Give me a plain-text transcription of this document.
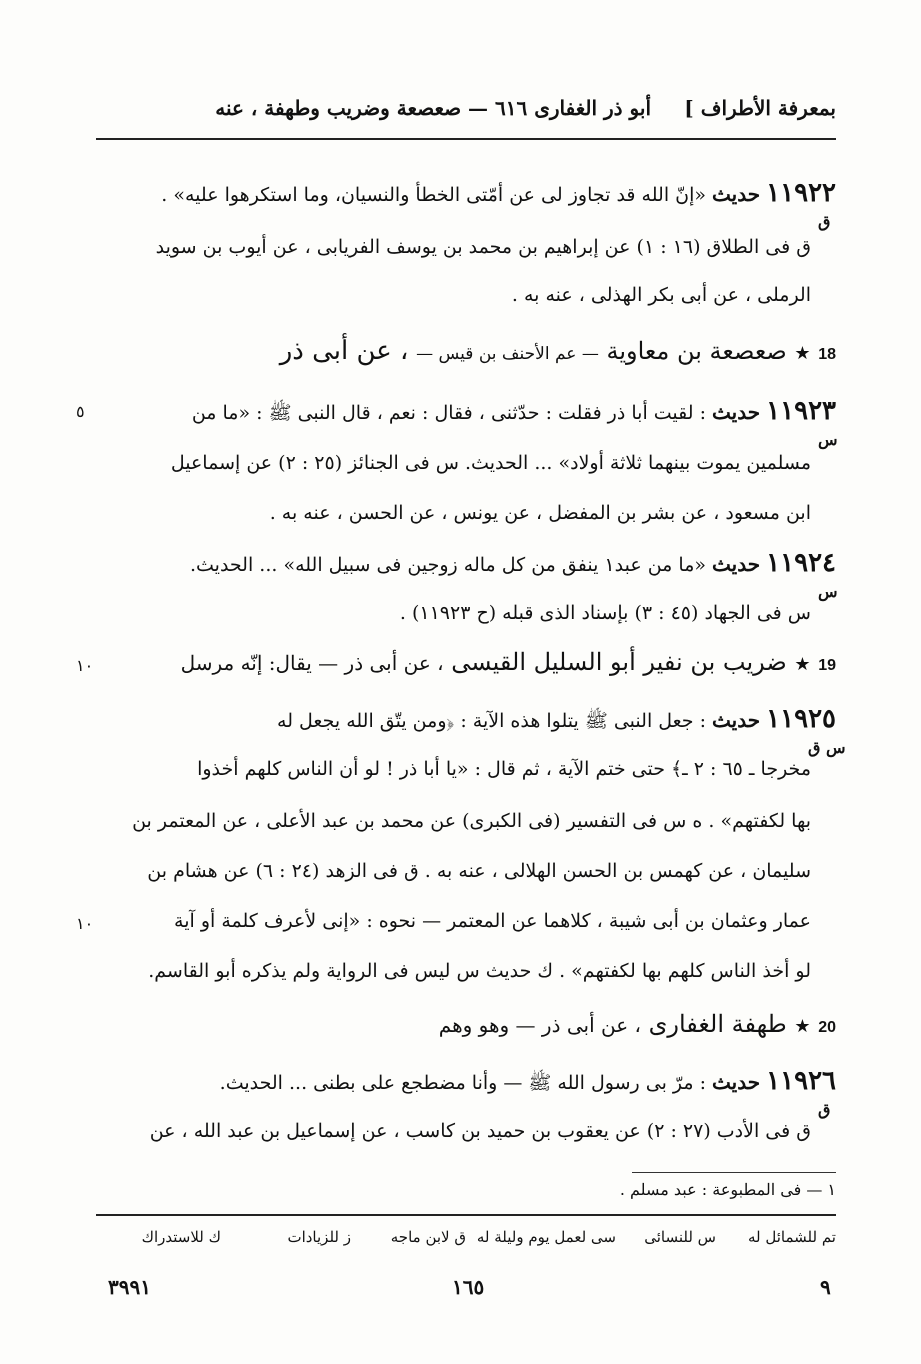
بمعرفة الأطراف ]
أبو ذر الغفارى ٦١٦ — صعصعة وضريب وطهفة ، عنه
١١٩٢٢ حديث «إنّ الله قد تجاوز لى عن أمّتى الخطأ والنسيان، وما استكرهوا عليه» .
ق
ق فى الطلاق (١٦ : ١) عن إبراهيم بن محمد بن يوسف الفريابى ، عن أيوب بن سويد
الرملى ، عن أبى بكر الهذلى ، عنه به .
18 ★ صعصعة بن معاوية — عم الأحنف بن قيس — ، عن أبى ذر
١١٩٢٣ حديث : لقيت أبا ذر فقلت : حدّثنى ، فقال : نعم ، قال النبى ﷺ : «ما من
س
٥
مسلمين يموت بينهما ثلاثة أولاد» ... الحديث. س فى الجنائز (٢٥ : ٢) عن إسماعيل
ابن مسعود ، عن بشر بن المفضل ، عن يونس ، عن الحسن ، عنه به .
١١٩٢٤ حديث «ما من عبد١ ينفق من كل ماله زوجين فى سبيل الله» ... الحديث.
س
س فى الجهاد (٤٥ : ٣) بإسناد الذى قبله (ح ١١٩٢٣) .
19 ★ ضريب بن نفير أبو السليل القيسى ، عن أبى ذر — يقال: إنّه مرسل
١٠
١١٩٢٥ حديث : جعل النبى ﷺ يتلوا هذه الآية : ﴿ومن يتّق الله يجعل له
س ق
مخرجا ـ ٦٥ : ٢ ـ﴾ حتى ختم الآية ، ثم قال : «يا أبا ذر ! لو أن الناس كلهم أخذوا
بها لكفتهم» . ه س فى التفسير (فى الكبرى) عن محمد بن عبد الأعلى ، عن المعتمر بن
سليمان ، عن كهمس بن الحسن الهلالى ، عنه به . ق فى الزهد (٢٤ : ٦) عن هشام بن
عمار وعثمان بن أبى شيبة ، كلاهما عن المعتمر — نحوه : «إنى لأعرف كلمة أو آية
١٠
لو أخذ الناس كلهم بها لكفتهم» . ك حديث س ليس فى الرواية ولم يذكره أبو القاسم.
20 ★ طهفة الغفارى ، عن أبى ذر — وهو وهم
١١٩٢٦ حديث : مرّ بى رسول الله ﷺ — وأنا مضطجع على بطنى ... الحديث.
ق
ق فى الأدب (٢٧ : ٢) عن يعقوب بن حميد بن كاسب ، عن إسماعيل بن عبد الله ، عن
١ — فى المطبوعة : عبد مسلم .
تم للشمائل له
س للنسائى
سى لعمل يوم وليلة له
ق لابن ماجه
ز للزيادات
ك للاستدراك
٩
١٦٥
٣٩٩١
